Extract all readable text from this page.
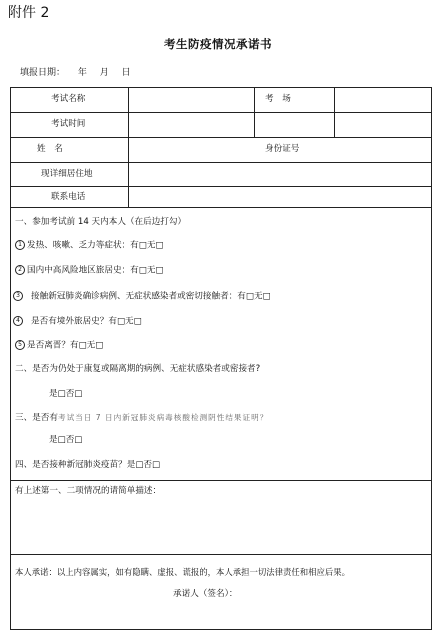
附件 2
考生防疫情况承诺书
填报日期： 年 月 日
考试名称	考　场
考试时间
姓　名	身份证号
现详细居住地
联系电话
一、参加考试前 14 天内本人（在后边打勾）
1 发热、咳嗽、乏力等症状：有□无□
2 国内中高风险地区旅居史：有□无□
3 接触新冠肺炎确诊病例、无症状感染者或密切接触者：有□无□
4 是否有境外旅居史？有□无□
5 是否离晋？有□无□
二、是否为仍处于康复或隔离期的病例、无症状感染者或密接者?
是□否□
三、是否有考试当日 7 日内新冠肺炎病毒核酸检测阴性结果证明？
是□否□
四、是否接种新冠肺炎疫苗？是□否□
有上述第一、二项情况的请简单描述：
本人承诺：以上内容属实，如有隐瞒、虚报、谎报的，本人承担一切法律责任和相应后果。
承诺人（签名）：
